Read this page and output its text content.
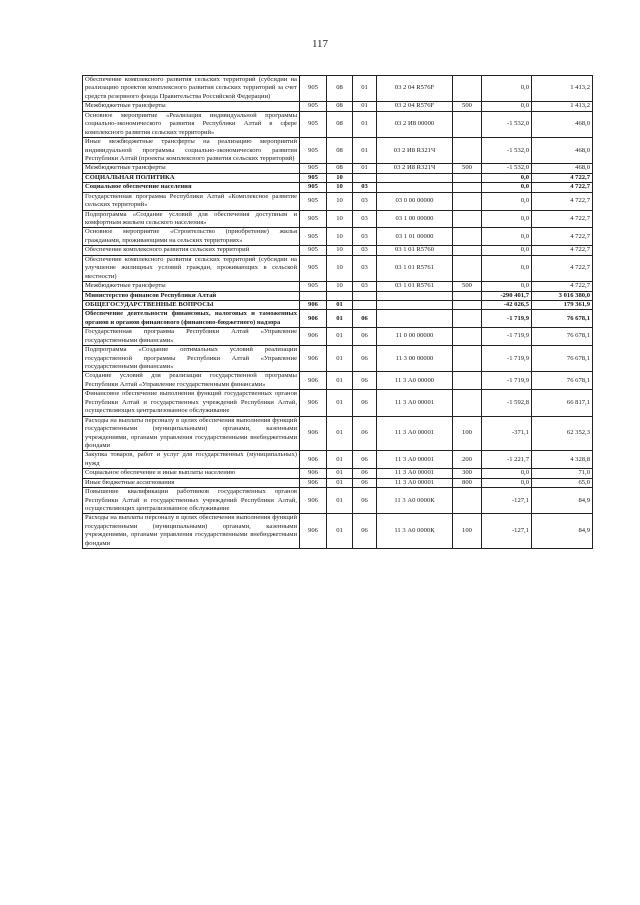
117
Обеспечение комплексного развития сельских территорий (субсидии на реализацию проектов комплексного развития сельских территорий за счет средств резервного фонда Правительства Российской Федерации)	905	08	01	03 2 04 R576F		0,0	1 413,2
Межбюджетные трансферты	905	08	01	03 2 04 R576F	500	0,0	1 413,2
Основное мероприятие «Реализация индивидуальной программы социально-экономического развития Республики Алтай в сфере комплексного развития сельских территорий»	905	08	01	03 2 И8 00000		-1 532,0	468,0
Иные межбюджетные трансферты на реализацию мероприятий индивидуальной программы социально-экономического развития Республики Алтай (проекты комплексного развития сельских территорий)	905	08	01	03 2 И8 R321Ч		-1 532,0	468,0
Межбюджетные трансферты	905	08	01	03 2 И8 R321Ч	500	-1 532,0	468,0
СОЦИАЛЬНАЯ ПОЛИТИКА	905	10				0,0	4 722,7
Социальное обеспечение населения	905	10	03			0,0	4 722,7
Государственная программа Республики Алтай «Комплексное развитие сельских территорий»	905	10	03	03 0 00 00000		0,0	4 722,7
Подпрограмма «Создание условий для обеспечения доступным и комфортным жильем сельского населения»	905	10	03	03 1 00 00000		0,0	4 722,7
Основное мероприятие «Строительство (приобретение) жилья гражданами, проживающими на сельских территориях»	905	10	03	03 1 01 00000		0,0	4 722,7
Обеспечение комплексного развития сельских территорий	905	10	03	03 1 01 R5760		0,0	4 722,7
Обеспечение комплексного развития сельских территорий (субсидии на улучшение жилищных условий граждан, проживающих в сельской местности)	905	10	03	03 1 01 R5761		0,0	4 722,7
Межбюджетные трансферты	905	10	03	03 1 01 R5761	500	0,0	4 722,7
Министерство финансов Республики Алтай						-290 401,7	3 016 380,0
ОБЩЕГОСУДАРСТВЕННЫЕ ВОПРОСЫ	906	01				-42 026,5	179 361,9
Обеспечение деятельности финансовых, налоговых и таможенных органов и органов финансового (финансово-бюджетного) надзора	906	01	06			-1 719,9	76 678,1
Государственная программа Республики Алтай «Управление государственными финансами»	906	01	06	11 0 00 00000		-1 719,9	76 678,1
Подпрограмма «Создание оптимальных условий реализации государственной программы Республики Алтай «Управление государственными финансами»	906	01	06	11 3 00 00000		-1 719,9	76 678,1
Создание условий для реализации государственной программы Республики Алтай «Управление государственными финансами»	906	01	06	11 3 А0 00000		-1 719,9	76 678,1
Финансовое обеспечение выполнения функций государственных органов Республики Алтай и государственных учреждений Республики Алтай, осуществляющих централизованное обслуживание	906	01	06	11 3 А0 00001		-1 592,8	66 817,1
Расходы на выплаты персоналу в целях обеспечения выполнения функций государственными (муниципальными) органами, казенными учреждениями, органами управления государственными внебюджетными фондами	906	01	06	11 3 А0 00001	100	-371,1	62 352,3
Закупка товаров, работ и услуг для государственных (муниципальных) нужд	906	01	06	11 3 А0 00001	200	-1 221,7	4 328,8
Социальное обеспечение и иные выплаты населению	906	01	06	11 3 А0 00001	300	0,0	71,0
Иные бюджетные ассигнования	906	01	06	11 3 А0 00001	800	0,0	65,0
Повышение квалификации работников государственных органов Республики Алтай и государственных учреждений Республики Алтай, осуществляющих централизованное обслуживание	906	01	06	11 3 А0 0000К		-127,1	84,9
Расходы на выплаты персоналу в целях обеспечения выполнения функций государственными (муниципальными) органами, казенными учреждениями, органами управления государственными внебюджетными фондами	906	01	06	11 3 А0 0000К	100	-127,1	84,9
